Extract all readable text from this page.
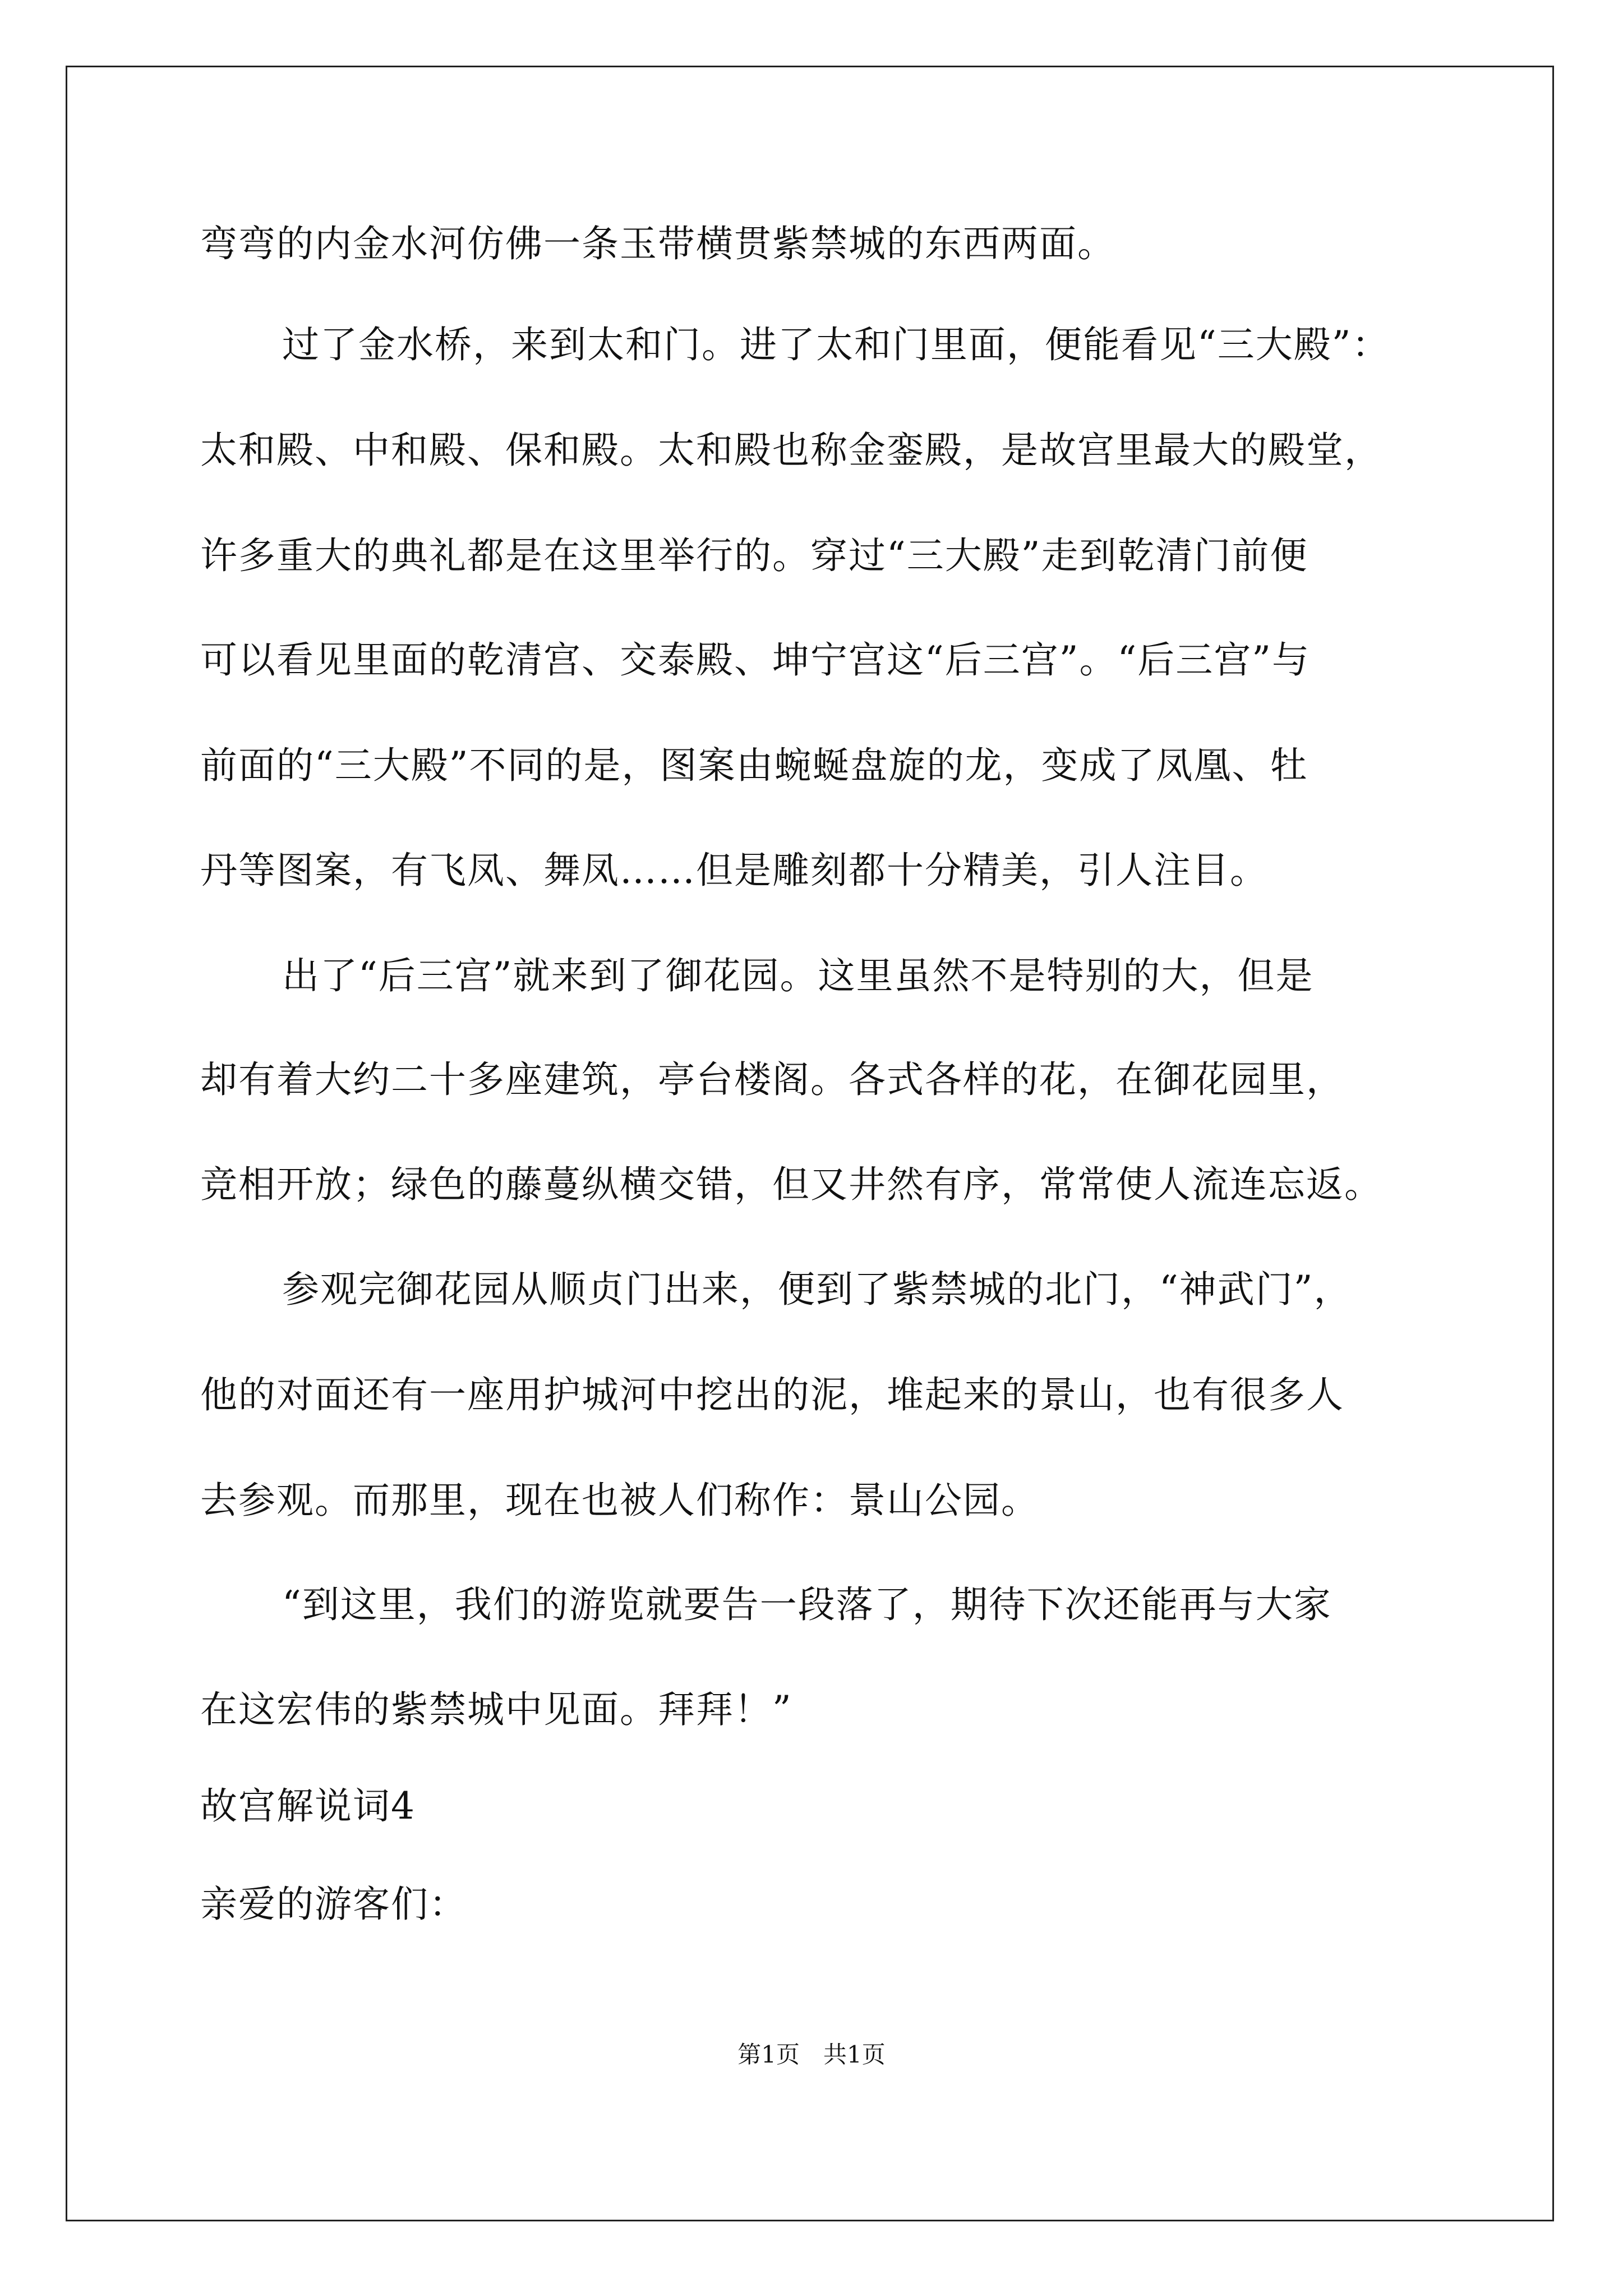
弯弯的内金水河仿佛一条玉带横贯紫禁城的东西两面。
过了金水桥，来到太和门。进了太和门里面，便能看见“三大殿”：
太和殿、中和殿、保和殿。太和殿也称金銮殿，是故宫里最大的殿堂，
许多重大的典礼都是在这里举行的。穿过“三大殿”走到乾清门前便
可以看见里面的乾清宫、交泰殿、坤宁宫这“后三宫”。“后三宫”与
前面的“三大殿”不同的是，图案由蜿蜒盘旋的龙，变成了凤凰、牡
丹等图案，有飞凤、舞凤……但是雕刻都十分精美，引人注目。
出了“后三宫”就来到了御花园。这里虽然不是特别的大，但是
却有着大约二十多座建筑，亭台楼阁。各式各样的花，在御花园里，
竞相开放；绿色的藤蔓纵横交错，但又井然有序，常常使人流连忘返。
参观完御花园从顺贞门出来，便到了紫禁城的北门，“神武门”，
他的对面还有一座用护城河中挖出的泥，堆起来的景山，也有很多人
去参观。而那里，现在也被人们称作：景山公园。
“到这里，我们的游览就要告一段落了，期待下次还能再与大家
在这宏伟的紫禁城中见面。拜拜！”
故宫解说词4
亲爱的游客们：
第1页　共1页
